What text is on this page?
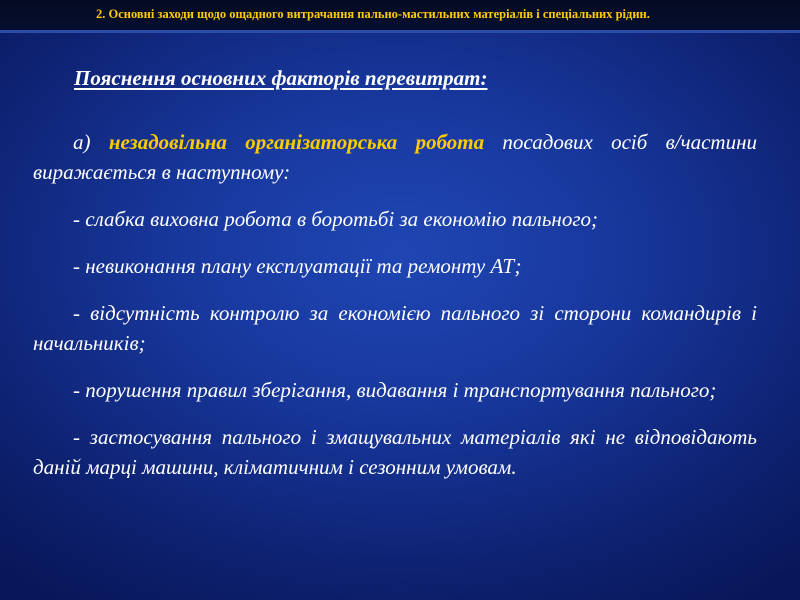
2. Основні заходи щодо ощадного витрачання пально-мастильних матеріалів і спеціальних рідин.
Пояснення основних факторів перевитрат:

а) незадовільна організаторська робота посадових осіб в/частини виражається в наступному:

- слабка виховна робота в боротьбі за економію пального;

- невиконання плану експлуатації та ремонту АТ;

- відсутність контролю за економією пального зі сторони командирів і начальників;

- порушення правил зберігання, видавання і транспортування пального;

- застосування пального і змащувальних матеріалів які не відповідають даній марці машини, кліматичним і сезонним умовам.
